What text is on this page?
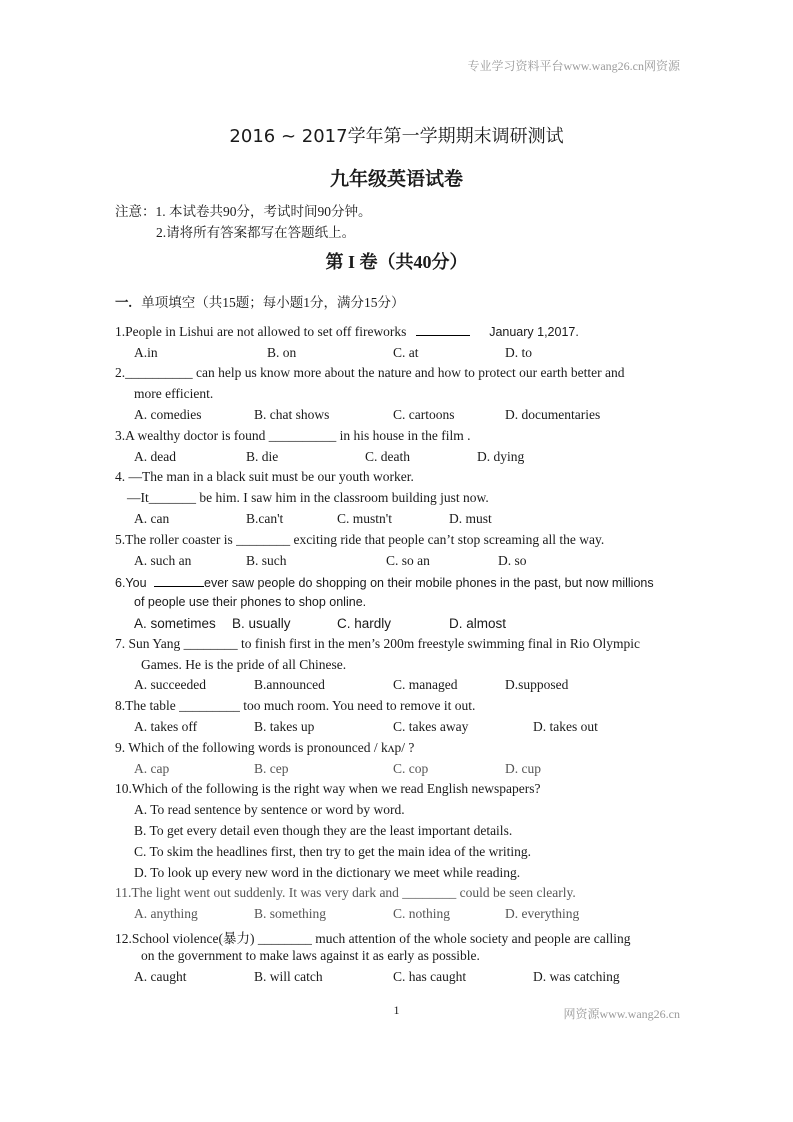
专业学习资料平台www.wang26.cn网资源
2016 ~ 2017学年第一学期期末调研测试
九年级英语试卷
注意：1. 本试卷共90分，考试时间90分钟。
2.请将所有答案都写在答题纸上。
第 I 卷（共40分）
一. 单项填空（共15题；每小题1分，满分15分）
1.People in Lishui are not allowed to set off fireworks	January 1,2017.
A.in	B. on	C. at	D. to
2.__________ can help us know more about the nature and how to protect our earth better and
more efficient.
A. comedies	B. chat shows	C. cartoons	D. documentaries
3.A wealthy doctor is found __________ in his house in the film .
A. dead	B. die	C. death	D. dying
4. —The man in a black suit must be our youth worker.
—It_______ be him. I saw him in the classroom building just now.
A. can	B.can't	C. mustn't	D. must
5.The roller coaster is ________ exciting ride that people can’t stop screaming all the way.
A. such an	B. such	C. so an	D. so
6.You	ever saw people do shopping on their mobile phones in the past, but now millions
of people use their phones to shop online.
A. sometimes B. usually	C. hardly	D. almost
7. Sun Yang ________ to finish first in the men’s 200m freestyle swimming final in Rio Olympic
Games. He is the pride of all Chinese.
A. succeeded	B.announced	C. managed	D.supposed
8.The table _________ too much room. You need to remove it out.
A. takes off	B. takes up	C. takes away	D. takes out
9. Which of the following words is pronounced / kʌp/ ?
A. cap	B. cep	C. cop	D. cup
10.Which of the following is the right way when we read English newspapers?
A. To read sentence by sentence or word by word.
B. To get every detail even though they are the least important details.
C. To skim the headlines first, then try to get the main idea of the writing.
D. To look up every new word in the dictionary we meet while reading.
11.The light went out suddenly. It was very dark and ________ could be seen clearly.
A. anything	B. something	C. nothing	D. everything
12.School violence(暴力) ________ much attention of the whole society and people are calling
on the government to make laws against it as early as possible.
A. caught	B. will catch	C. has caught	D. was catching
1	网资源www.wang26.cn
